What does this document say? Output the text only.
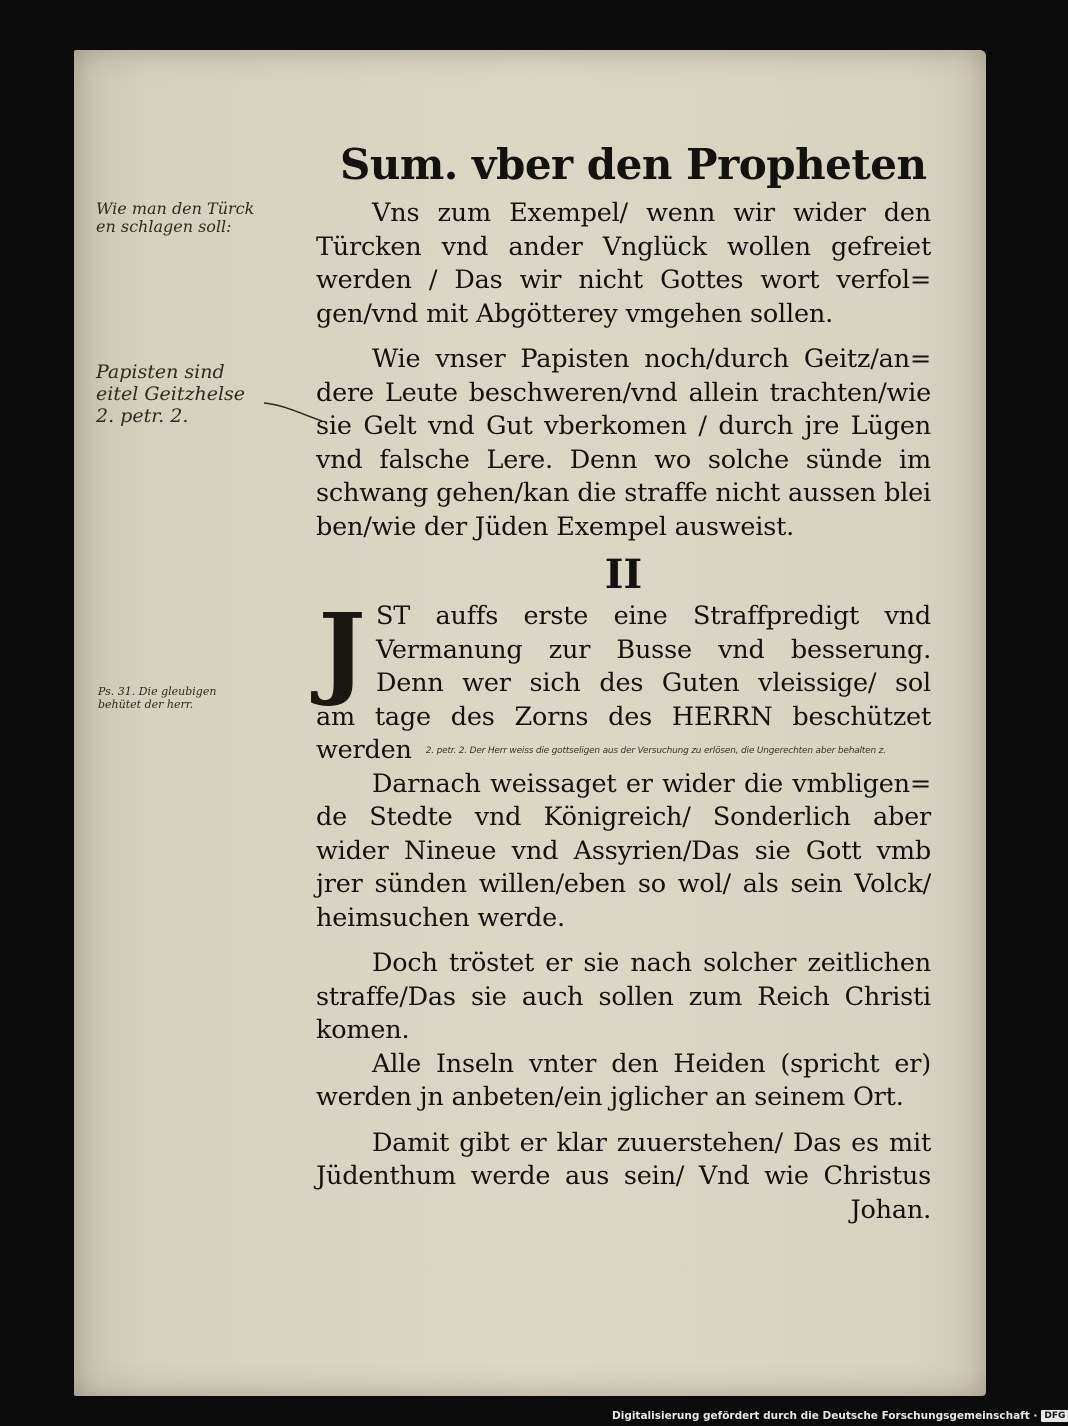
Wie man den Türck
en schlagen soll:
Papisten sind
eitel Geitzhelse
2. petr. 2.
Ps. 31. Die gleubigen
behütet der herr.
Sum. vber den Propheten
Vns zum Exempel/ wenn wir wider den
Türcken vnd ander Vnglück wollen gefreiet
werden / Das wir nicht Gottes wort verfol=
gen/vnd mit Abgötterey vmgehen sollen.
Wie vnser Papisten noch/durch Geitz/an=
dere Leute beschweren/vnd allein trachten/wie
sie Gelt vnd Gut vberkomen / durch jre Lügen
vnd falsche Lere. Denn wo solche sünde im
schwang gehen/kan die straffe nicht aussen blei
ben/wie der Jüden Exempel ausweist.
II
J ST auffs erste eine Straffpredigt vnd
Vermanung zur Busse vnd besserung.
Denn wer sich des Guten vleissige/ sol
am tage des Zorns des HERRN beschützet
werden 2. petr. 2. Der Herr weiss die gottseligen aus der Versuchung zu erlösen, die Ungerechten aber behalten z.
Darnach weissaget er wider die vmbligen=
de Stedte vnd Königreich/ Sonderlich aber
wider Nineue vnd Assyrien/Das sie Gott vmb
jrer sünden willen/eben so wol/ als sein Volck/
heimsuchen werde.
Doch tröstet er sie nach solcher zeitlichen
straffe/Das sie auch sollen zum Reich Christi
komen.
Alle Inseln vnter den Heiden (spricht er)
werden jn anbeten/ein jglicher an seinem Ort.
Damit gibt er klar zuuerstehen/ Das es mit
Jüdenthum werde aus sein/ Vnd wie Christus
Johan.
Digitalisierung gefördert durch die Deutsche Forschungsgemeinschaft · DFG
